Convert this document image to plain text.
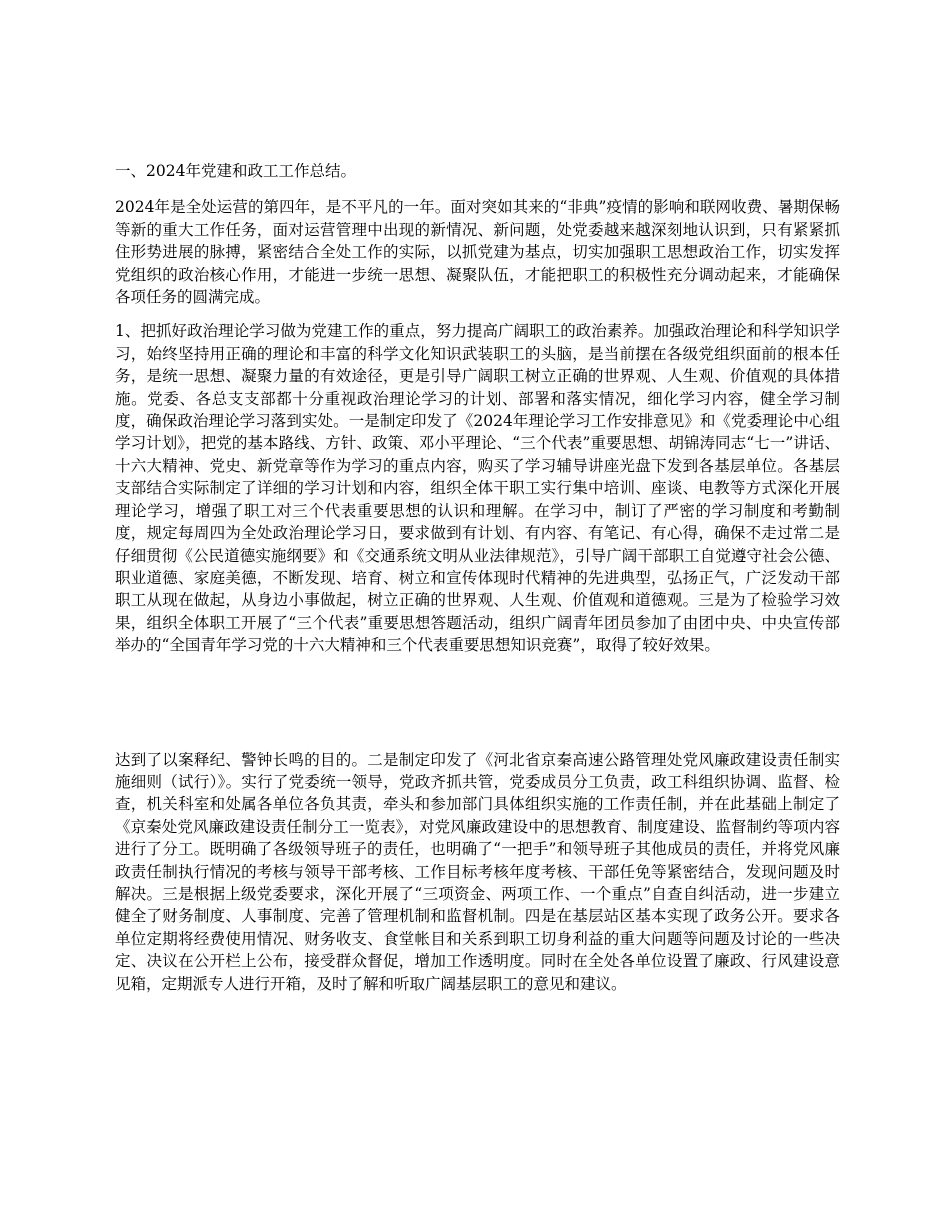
一、2024年党建和政工工作总结。

2024年是全处运营的第四年，是不平凡的一年。面对突如其来的“非典”疫情的影响和联网收费、暑期保畅等新的重大工作任务，面对运营管理中出现的新情况、新问题，处党委越来越深刻地认识到，只有紧紧抓住形势进展的脉搏，紧密结合全处工作的实际，以抓党建为基点，切实加强职工思想政治工作，切实发挥党组织的政治核心作用，才能进一步统一思想、凝聚队伍，才能把职工的积极性充分调动起来，才能确保各项任务的圆满完成。

1、把抓好政治理论学习做为党建工作的重点，努力提高广阔职工的政治素养。加强政治理论和科学知识学习，始终坚持用正确的理论和丰富的科学文化知识武装职工的头脑，是当前摆在各级党组织面前的根本任务，是统一思想、凝聚力量的有效途径，更是引导广阔职工树立正确的世界观、人生观、价值观的具体措施。党委、各总支支部都十分重视政治理论学习的计划、部署和落实情况，细化学习内容，健全学习制度，确保政治理论学习落到实处。一是制定印发了《2024年理论学习工作安排意见》和《党委理论中心组学习计划》，把党的基本路线、方针、政策、邓小平理论、“三个代表”重要思想、胡锦涛同志“七一”讲话、十六大精神、党史、新党章等作为学习的重点内容，购买了学习辅导讲座光盘下发到各基层单位。各基层支部结合实际制定了详细的学习计划和内容，组织全体干职工实行集中培训、座谈、电教等方式深化开展理论学习，增强了职工对三个代表重要思想的认识和理解。在学习中，制订了严密的学习制度和考勤制度，规定每周四为全处政治理论学习日，要求做到有计划、有内容、有笔记、有心得，确保不走过常二是仔细贯彻《公民道德实施纲要》和《交通系统文明从业法律规范》，引导广阔干部职工自觉遵守社会公德、职业道德、家庭美德，不断发现、培育、树立和宣传体现时代精神的先进典型，弘扬正气，广泛发动干部职工从现在做起，从身边小事做起，树立正确的世界观、人生观、价值观和道德观。三是为了检验学习效果，组织全体职工开展了“三个代表”重要思想答题活动，组织广阔青年团员参加了由团中央、中央宣传部举办的“全国青年学习党的十六大精神和三个代表重要思想知识竞赛”，取得了较好效果。

达到了以案释纪、警钟长鸣的目的。二是制定印发了《河北省京秦高速公路管理处党风廉政建设责任制实施细则（试行）》。实行了党委统一领导，党政齐抓共管，党委成员分工负责，政工科组织协调、监督、检查，机关科室和处属各单位各负其责，牵头和参加部门具体组织实施的工作责任制，并在此基础上制定了《京秦处党风廉政建设责任制分工一览表》，对党风廉政建设中的思想教育、制度建设、监督制约等项内容进行了分工。既明确了各级领导班子的责任，也明确了“一把手”和领导班子其他成员的责任，并将党风廉政责任制执行情况的考核与领导干部考核、工作目标考核年度考核、干部任免等紧密结合，发现问题及时解决。三是根据上级党委要求，深化开展了“三项资金、两项工作、一个重点”自查自纠活动，进一步建立健全了财务制度、人事制度、完善了管理机制和监督机制。四是在基层站区基本实现了政务公开。要求各单位定期将经费使用情况、财务收支、食堂帐目和关系到职工切身利益的重大问题等问题及讨论的一些决定、决议在公开栏上公布，接受群众督促，增加工作透明度。同时在全处各单位设置了廉政、行风建设意见箱，定期派专人进行开箱，及时了解和听取广阔基层职工的意见和建议。
